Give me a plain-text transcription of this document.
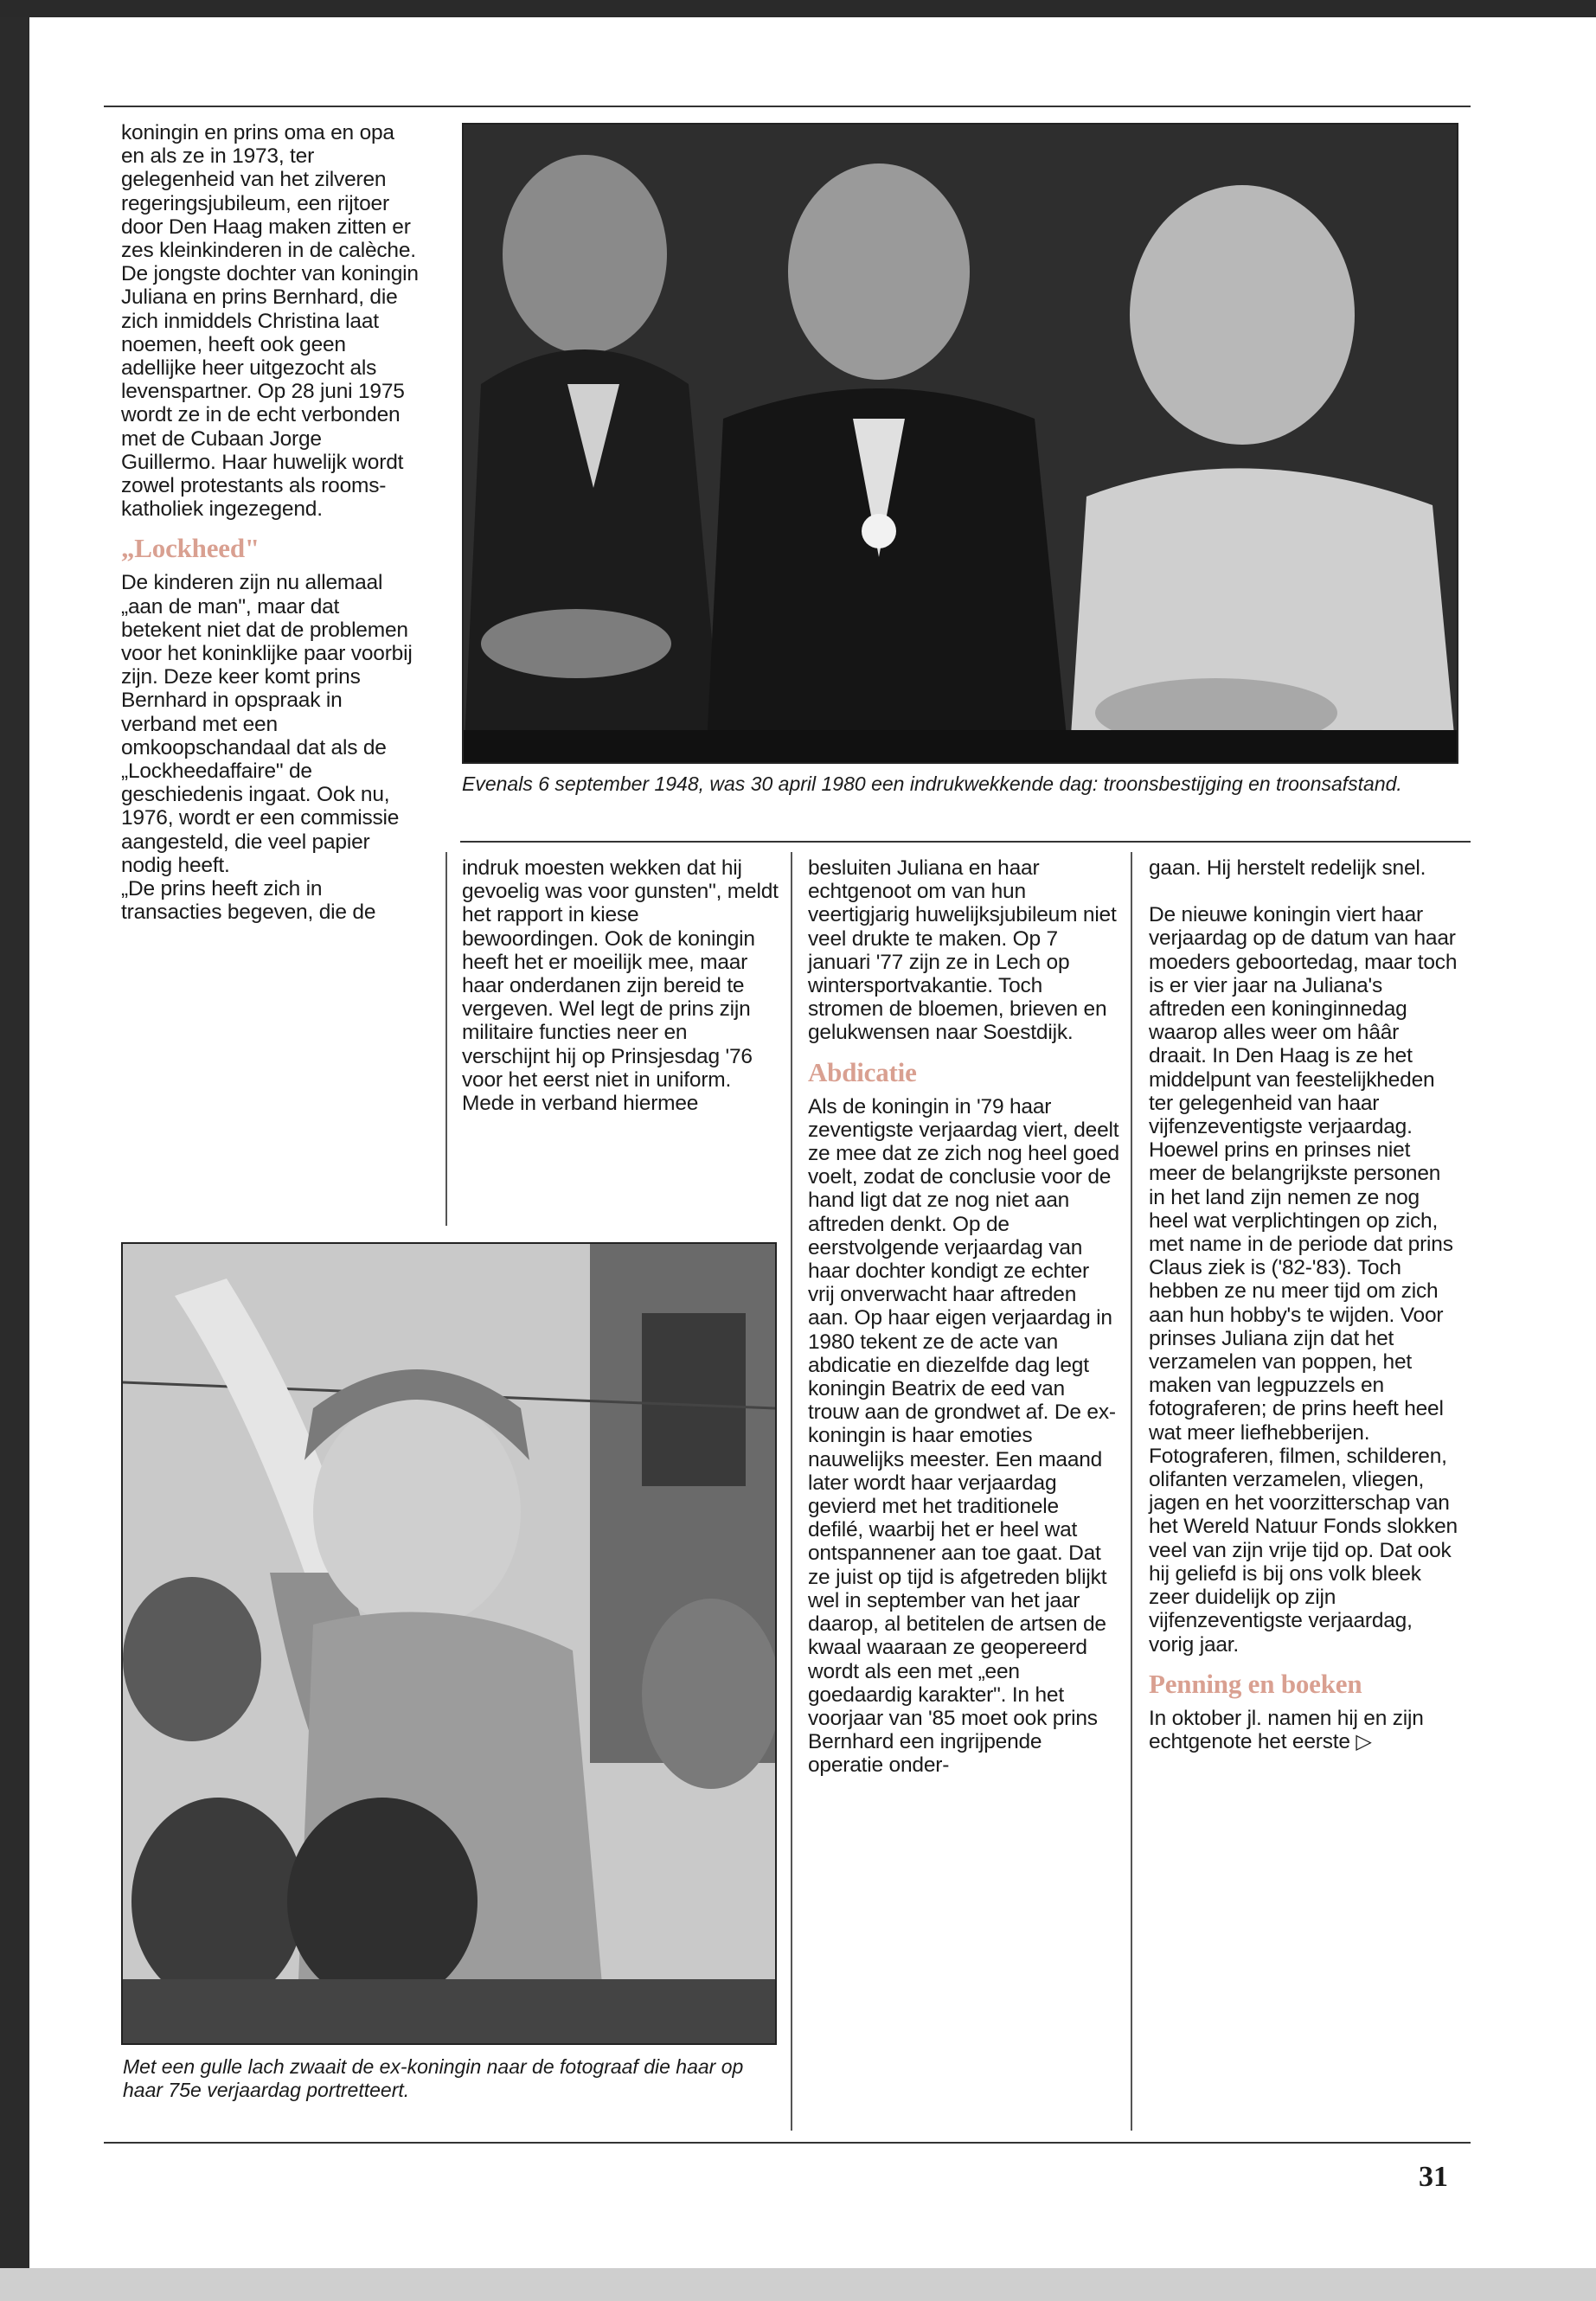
koningin en prins oma en opa en als ze in 1973, ter gelegenheid van het zilveren regeringsjubileum, een rijtoer door Den Haag maken zitten er zes kleinkinderen in de calèche.

De jongste dochter van koningin Juliana en prins Bernhard, die zich inmiddels Christina laat noemen, heeft ook geen adellijke heer uitgezocht als levenspartner. Op 28 juni 1975 wordt ze in de echt verbonden met de Cubaan Jorge Guillermo. Haar huwelijk wordt zowel protestants als rooms-katholiek ingezegend.

„Lockheed"

De kinderen zijn nu allemaal „aan de man", maar dat betekent niet dat de problemen voor het koninklijke paar voorbij zijn. Deze keer komt prins Bernhard in opspraak in verband met een omkoopschandaal dat als de „Lockheedaffaire" de geschiedenis ingaat. Ook nu, 1976, wordt er een commissie aangesteld, die veel papier nodig heeft.

„De prins heeft zich in transacties begeven, die de

Evenals 6 september 1948, was 30 april 1980 een indrukwekkende dag: troonsbestijging en troonsafstand.

indruk moesten wekken dat hij gevoelig was voor gunsten", meldt het rapport in kiese bewoordingen. Ook de koningin heeft het er moeilijk mee, maar haar onderdanen zijn bereid te vergeven. Wel legt de prins zijn militaire functies neer en verschijnt hij op Prinsjesdag '76 voor het eerst niet in uniform.

Mede in verband hiermee

Met een gulle lach zwaait de ex-koningin naar de fotograaf die haar op haar 75e verjaardag portretteert.

besluiten Juliana en haar echtgenoot om van hun veertigjarig huwelijksjubileum niet veel drukte te maken. Op 7 januari '77 zijn ze in Lech op wintersportvakantie. Toch stromen de bloemen, brieven en gelukwensen naar Soestdijk.

Abdicatie

Als de koningin in '79 haar zeventigste verjaardag viert, deelt ze mee dat ze zich nog heel goed voelt, zodat de conclusie voor de hand ligt dat ze nog niet aan aftreden denkt. Op de eerstvolgende verjaardag van haar dochter kondigt ze echter vrij onverwacht haar aftreden aan. Op haar eigen verjaardag in 1980 tekent ze de acte van abdicatie en diezelfde dag legt koningin Beatrix de eed van trouw aan de grondwet af. De ex-koningin is haar emoties nauwelijks meester. Een maand later wordt haar verjaardag gevierd met het traditionele defilé, waarbij het er heel wat ontspannener aan toe gaat. Dat ze juist op tijd is afgetreden blijkt wel in september van het jaar daarop, al betitelen de artsen de kwaal waaraan ze geopereerd wordt als een met „een goedaardig karakter". In het voorjaar van '85 moet ook prins Bernhard een ingrijpende operatie onder-

gaan. Hij herstelt redelijk snel.

De nieuwe koningin viert haar verjaardag op de datum van haar moeders geboortedag, maar toch is er vier jaar na Juliana's aftreden een koninginnedag waarop alles weer om hââr draait. In Den Haag is ze het middelpunt van feestelijkheden ter gelegenheid van haar vijfenzeventigste verjaardag.

Hoewel prins en prinses niet meer de belangrijkste personen in het land zijn nemen ze nog heel wat verplichtingen op zich, met name in de periode dat prins Claus ziek is ('82-'83). Toch hebben ze nu meer tijd om zich aan hun hobby's te wijden. Voor prinses Juliana zijn dat het verzamelen van poppen, het maken van legpuzzels en fotograferen; de prins heeft heel wat meer liefhebberijen. Fotograferen, filmen, schilderen, olifanten verzamelen, vliegen, jagen en het voorzitterschap van het Wereld Natuur Fonds slokken veel van zijn vrije tijd op. Dat ook hij geliefd is bij ons volk bleek zeer duidelijk op zijn vijfenzeventigste verjaardag, vorig jaar.

Penning en boeken

In oktober jl. namen hij en zijn echtgenote het eerste ▷

31
